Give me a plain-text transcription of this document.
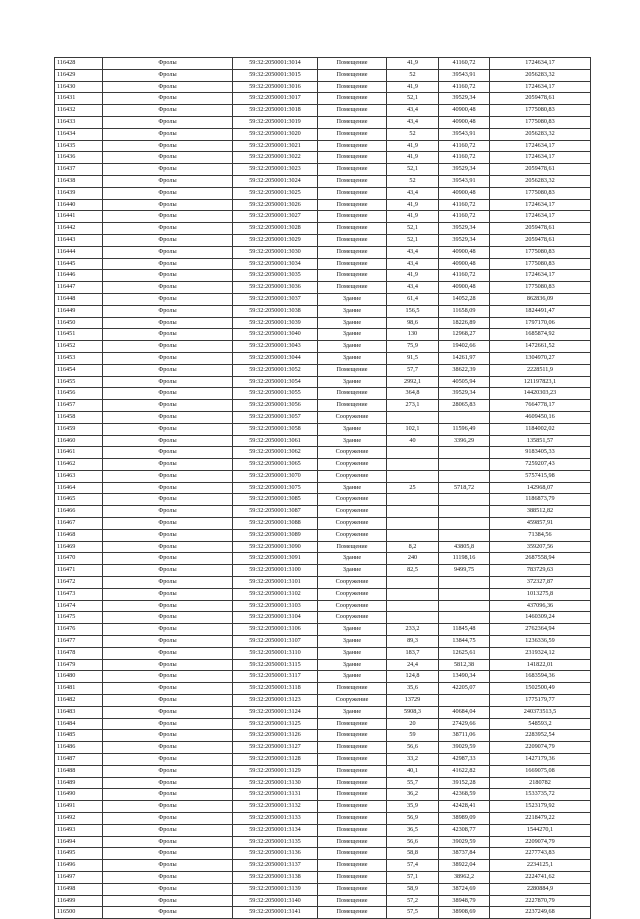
116428	Фролы	59:32:2050001:3014	Помещение	41,9	41160,72	1724634,17
116429	Фролы	59:32:2050001:3015	Помещение	52	39543,91	2056283,32
116430	Фролы	59:32:2050001:3016	Помещение	41,9	41160,72	1724634,17
116431	Фролы	59:32:2050001:3017	Помещение	52,1	39529,34	2059478,61
116432	Фролы	59:32:2050001:3018	Помещение	43,4	40900,48	1775080,83
116433	Фролы	59:32:2050001:3019	Помещение	43,4	40900,48	1775080,83
116434	Фролы	59:32:2050001:3020	Помещение	52	39543,91	2056283,32
116435	Фролы	59:32:2050001:3021	Помещение	41,9	41160,72	1724634,17
116436	Фролы	59:32:2050001:3022	Помещение	41,9	41160,72	1724634,17
116437	Фролы	59:32:2050001:3023	Помещение	52,1	39529,34	2059478,61
116438	Фролы	59:32:2050001:3024	Помещение	52	39543,91	2056283,32
116439	Фролы	59:32:2050001:3025	Помещение	43,4	40900,48	1775080,83
116440	Фролы	59:32:2050001:3026	Помещение	41,9	41160,72	1724634,17
116441	Фролы	59:32:2050001:3027	Помещение	41,9	41160,72	1724634,17
116442	Фролы	59:32:2050001:3028	Помещение	52,1	39529,34	2059478,61
116443	Фролы	59:32:2050001:3029	Помещение	52,1	39529,34	2059478,61
116444	Фролы	59:32:2050001:3030	Помещение	43,4	40900,48	1775080,83
116445	Фролы	59:32:2050001:3034	Помещение	43,4	40900,48	1775080,83
116446	Фролы	59:32:2050001:3035	Помещение	41,9	41160,72	1724634,17
116447	Фролы	59:32:2050001:3036	Помещение	43,4	40900,48	1775080,83
116448	Фролы	59:32:2050001:3037	Здание	61,4	14052,28	862836,09
116449	Фролы	59:32:2050001:3038	Здание	156,5	11658,09	1824491,47
116450	Фролы	59:32:2050001:3039	Здание	98,6	18226,89	1797170,06
116451	Фролы	59:32:2050001:3040	Здание	130	12968,27	1685874,92
116452	Фролы	59:32:2050001:3043	Здание	75,9	19402,66	1472661,52
116453	Фролы	59:32:2050001:3044	Здание	91,5	14261,97	1304970,27
116454	Фролы	59:32:2050001:3052	Помещение	57,7	38622,39	2228511,9
116455	Фролы	59:32:2050001:3054	Здание	2992,1	40505,94	121197823,1
116456	Фролы	59:32:2050001:3055	Помещение	364,8	39529,34	14420303,23
116457	Фролы	59:32:2050001:3056	Помещение	273,1	28065,83	7664778,17
116458	Фролы	59:32:2050001:3057	Сооружение			4609450,16
116459	Фролы	59:32:2050001:3058	Здание	102,1	11596,49	1184002,02
116460	Фролы	59:32:2050001:3061	Здание	40	3396,29	135851,57
116461	Фролы	59:32:2050001:3062	Сооружение			9183405,33
116462	Фролы	59:32:2050001:3065	Сооружение			7259207,43
116463	Фролы	59:32:2050001:3070	Сооружение			5757415,98
116464	Фролы	59:32:2050001:3075	Здание	25	5718,72	142968,07
116465	Фролы	59:32:2050001:3085	Сооружение			1186873,79
116466	Фролы	59:32:2050001:3087	Сооружение			388512,82
116467	Фролы	59:32:2050001:3088	Сооружение			459857,91
116468	Фролы	59:32:2050001:3089	Сооружение			71384,56
116469	Фролы	59:32:2050001:3090	Помещение	8,2	43805,8	359207,56
116470	Фролы	59:32:2050001:3091	Здание	240	11198,16	2687558,94
116471	Фролы	59:32:2050001:3100	Здание	82,5	9499,75	783729,63
116472	Фролы	59:32:2050001:3101	Сооружение			372327,87
116473	Фролы	59:32:2050001:3102	Сооружение			1013275,8
116474	Фролы	59:32:2050001:3103	Сооружение			437096,36
116475	Фролы	59:32:2050001:3104	Сооружение			1460309,24
116476	Фролы	59:32:2050001:3106	Здание	233,2	11845,48	2762364,94
116477	Фролы	59:32:2050001:3107	Здание	89,3	13844,75	1236336,59
116478	Фролы	59:32:2050001:3110	Здание	183,7	12625,61	2319324,12
116479	Фролы	59:32:2050001:3115	Здание	24,4	5812,38	141822,01
116480	Фролы	59:32:2050001:3117	Здание	124,8	13490,34	1683594,36
116481	Фролы	59:32:2050001:3118	Помещение	35,6	42205,07	1502500,49
116482	Фролы	59:32:2050001:3123	Сооружение	13729		1775179,77
116483	Фролы	59:32:2050001:3124	Здание	5908,3	40684,04	240373513,5
116484	Фролы	59:32:2050001:3125	Помещение	20	27429,66	548593,2
116485	Фролы	59:32:2050001:3126	Помещение	59	38711,06	2283952,54
116486	Фролы	59:32:2050001:3127	Помещение	56,6	39029,59	2209074,79
116487	Фролы	59:32:2050001:3128	Помещение	33,2	42987,33	1427179,36
116488	Фролы	59:32:2050001:3129	Помещение	40,1	41622,82	1669075,08
116489	Фролы	59:32:2050001:3130	Помещение	55,7	39152,28	2180782
116490	Фролы	59:32:2050001:3131	Помещение	36,2	42368,59	1533735,72
116491	Фролы	59:32:2050001:3132	Помещение	35,9	42428,41	1523179,92
116492	Фролы	59:32:2050001:3133	Помещение	56,9	38989,09	2218479,22
116493	Фролы	59:32:2050001:3134	Помещение	36,5	42308,77	1544270,1
116494	Фролы	59:32:2050001:3135	Помещение	56,6	39029,59	2209074,79
116495	Фролы	59:32:2050001:3136	Помещение	58,8	38737,84	2277743,83
116496	Фролы	59:32:2050001:3137	Помещение	57,4	38922,04	2234125,1
116497	Фролы	59:32:2050001:3138	Помещение	57,1	38962,2	2224741,62
116498	Фролы	59:32:2050001:3139	Помещение	58,9	38724,69	2280884,9
116499	Фролы	59:32:2050001:3140	Помещение	57,2	38948,79	2227870,79
116500	Фролы	59:32:2050001:3141	Помещение	57,5	38908,69	2237249,68
